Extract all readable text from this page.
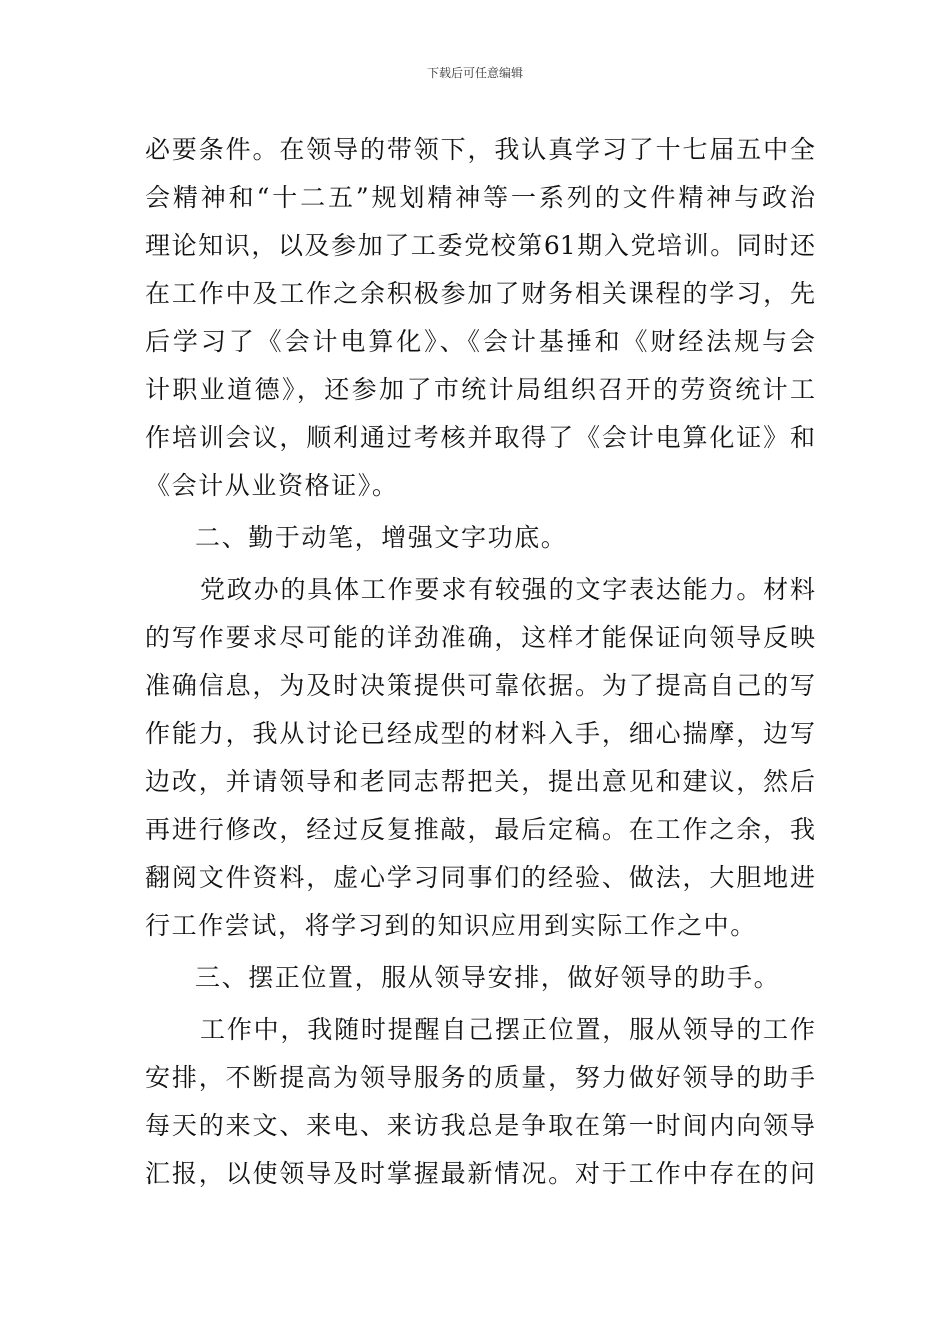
下载后可任意编辑
必要条件。在领导的带领下，我认真学习了十七届五中全
会精神和“十二五”规划精神等一系列的文件精神与政治
理论知识，以及参加了工委党校第61期入党培训。同时还
在工作中及工作之余积极参加了财务相关课程的学习，先
后学习了《会计电算化》、《会计基捶和《财经法规与会
计职业道德》，还参加了市统计局组织召开的劳资统计工
作培训会议，顺利通过考核并取得了《会计电算化证》和
《会计从业资格证》。
二、勤于动笔，增强文字功底。
党政办的具体工作要求有较强的文字表达能力。材料
的写作要求尽可能的详劲准确，这样才能保证向领导反映
准确信息，为及时决策提供可靠依据。为了提高自己的写
作能力，我从讨论已经成型的材料入手，细心揣摩，边写
边改，并请领导和老同志帮把关，提出意见和建议，然后
再进行修改，经过反复推敲，最后定稿。在工作之余，我
翻阅文件资料，虚心学习同事们的经验、做法，大胆地进
行工作尝试，将学习到的知识应用到实际工作之中。
三、摆正位置，服从领导安排，做好领导的助手。
工作中，我随时提醒自己摆正位置，服从领导的工作
安排，不断提高为领导服务的质量，努力做好领导的助手
每天的来文、来电、来访我总是争取在第一时间内向领导
汇报，以使领导及时掌握最新情况。对于工作中存在的问
